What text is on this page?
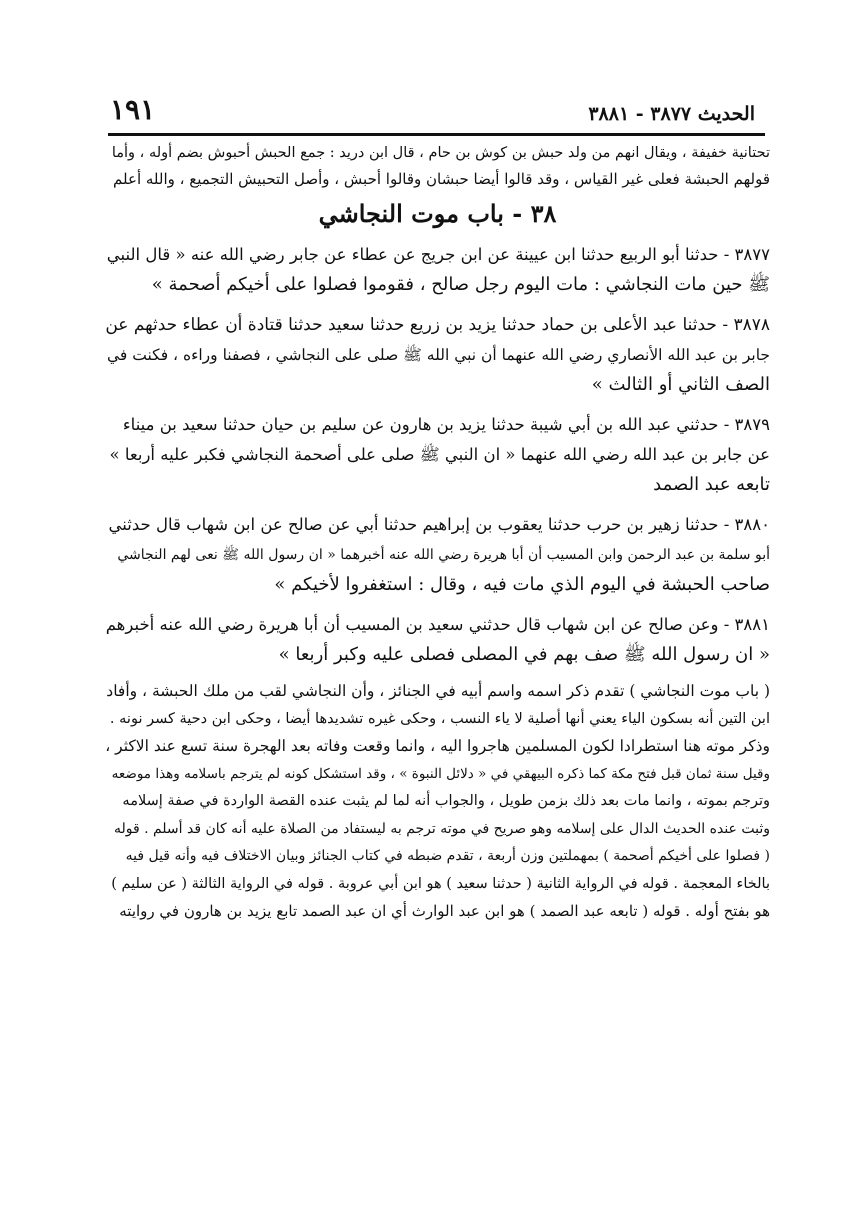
١٩١	الحديث ٣٨٧٧ - ٣٨٨١
تحتانية خفيفة ، ويقال انهم من ولد حبش بن كوش بن حام ، قال ابن دريد : جمع الحبش أحبوش بضم أوله ، وأما
قولهم الحبشة فعلى غير القياس ، وقد قالوا أيضا حبشان وقالوا أحبش ، وأصل التحبيش التجميع ، والله أعلم
٣٨ - باب موت النجاشي
٣٨٧٧ - حدثنا أبو الربيع حدثنا ابن عيينة عن ابن جريج عن عطاء عن جابر رضي الله عنه « قال النبي
ﷺ حين مات النجاشي : مات اليوم رجل صالح ، فقوموا فصلوا على أخيكم أصحمة »
٣٨٧٨ - حدثنا عبد الأعلى بن حماد حدثنا يزيد بن زريع حدثنا سعيد حدثنا قتادة أن عطاء حدثهم عن
جابر بن عبد الله الأنصاري رضي الله عنهما أن نبي الله ﷺ صلى على النجاشي ، فصفنا وراءه ، فكنت في
الصف الثاني أو الثالث »
٣٨٧٩ - حدثني عبد الله بن أبي شيبة حدثنا يزيد بن هارون عن سليم بن حيان حدثنا سعيد بن ميناء
عن جابر بن عبد الله رضي الله عنهما « ان النبي ﷺ صلى على أصحمة النجاشي فكبر عليه أربعا »
تابعه عبد الصمد
٣٨٨٠ - حدثنا زهير بن حرب حدثنا يعقوب بن إبراهيم حدثنا أبي عن صالح عن ابن شهاب قال حدثني
أبو سلمة بن عبد الرحمن وابن المسيب أن أبا هريرة رضي الله عنه أخبرهما « ان رسول الله ﷺ نعى لهم النجاشي
صاحب الحبشة في اليوم الذي مات فيه ، وقال : استغفروا لأخيكم »
٣٨٨١ - وعن صالح عن ابن شهاب قال حدثني سعيد بن المسيب أن أبا هريرة رضي الله عنه أخبرهم
« ان رسول الله ﷺ صف بهم في المصلى فصلى عليه وكبر أربعا »
( باب موت النجاشي ) تقدم ذكر اسمه واسم أبيه في الجنائز ، وأن النجاشي لقب من ملك الحبشة ، وأفاد
ابن التين أنه بسكون الياء يعني أنها أصلية لا ياء النسب ، وحكى غيره تشديدها أيضا ، وحكى ابن دحية كسر نونه .
وذكر موته هنا استطرادا لكون المسلمين هاجروا اليه ، وانما وقعت وفاته بعد الهجرة سنة تسع عند الاكثر ،
وقيل سنة ثمان قبل فتح مكة كما ذكره البيهقي في « دلائل النبوة » ، وقد استشكل كونه لم يترجم باسلامه وهذا موضعه
وترجم بموته ، وانما مات بعد ذلك بزمن طويل ، والجواب أنه لما لم يثبت عنده القصة الواردة في صفة إسلامه
وثبت عنده الحديث الدال على إسلامه وهو صريح في موته ترجم به ليستفاد من الصلاة عليه أنه كان قد أسلم . قوله
( فصلوا على أخيكم أصحمة ) بمهملتين وزن أربعة ، تقدم ضبطه في كتاب الجنائز وبيان الاختلاف فيه وأنه قيل فيه
بالخاء المعجمة . قوله في الرواية الثانية ( حدثنا سعيد ) هو ابن أبي عروبة . قوله في الرواية الثالثة ( عن سليم )
هو بفتح أوله . قوله ( تابعه عبد الصمد ) هو ابن عبد الوارث أي ان عبد الصمد تابع يزيد بن هارون في روايته
